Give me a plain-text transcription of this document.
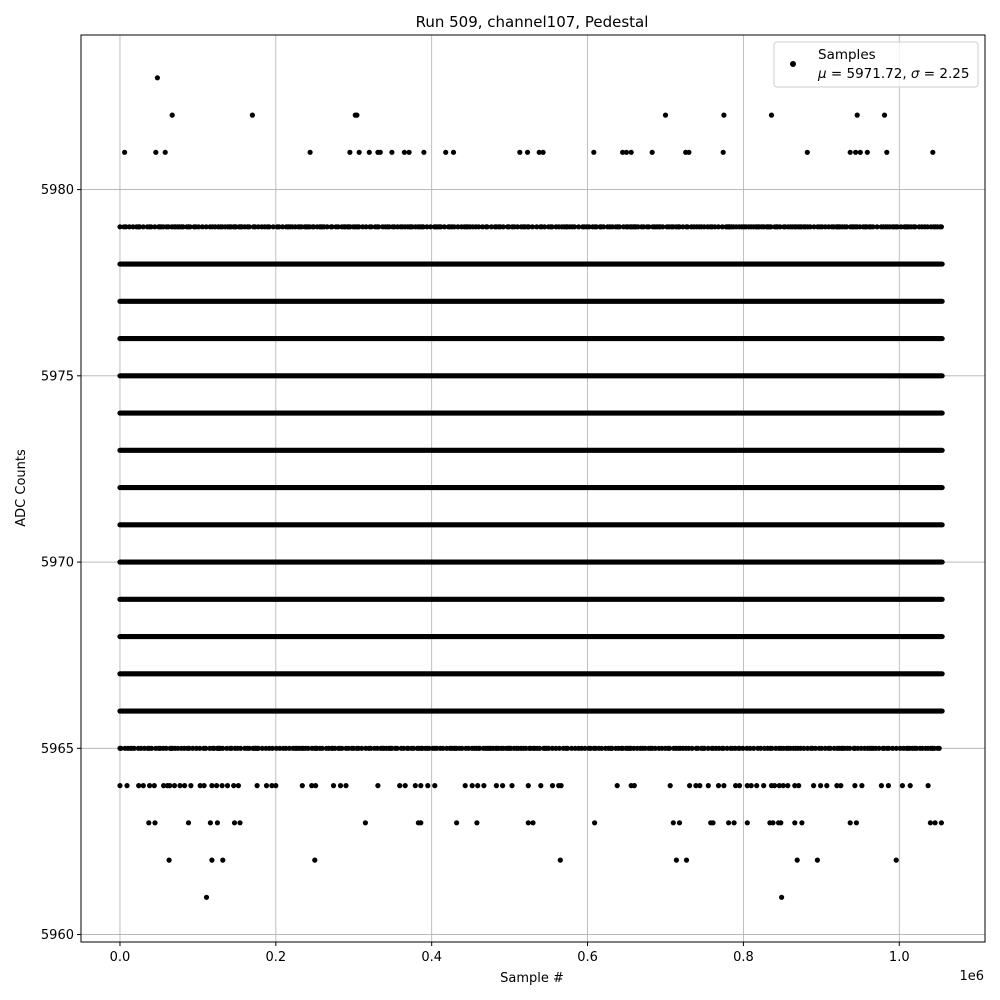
0.0	0.2	0.4	0.6	0.8	1.0
5960
5965
5970
5975
5980
Run 509, channel107, Pedestal
Sample #
ADC Counts
1e6
Samples
μ = 5971.72, σ = 2.25
